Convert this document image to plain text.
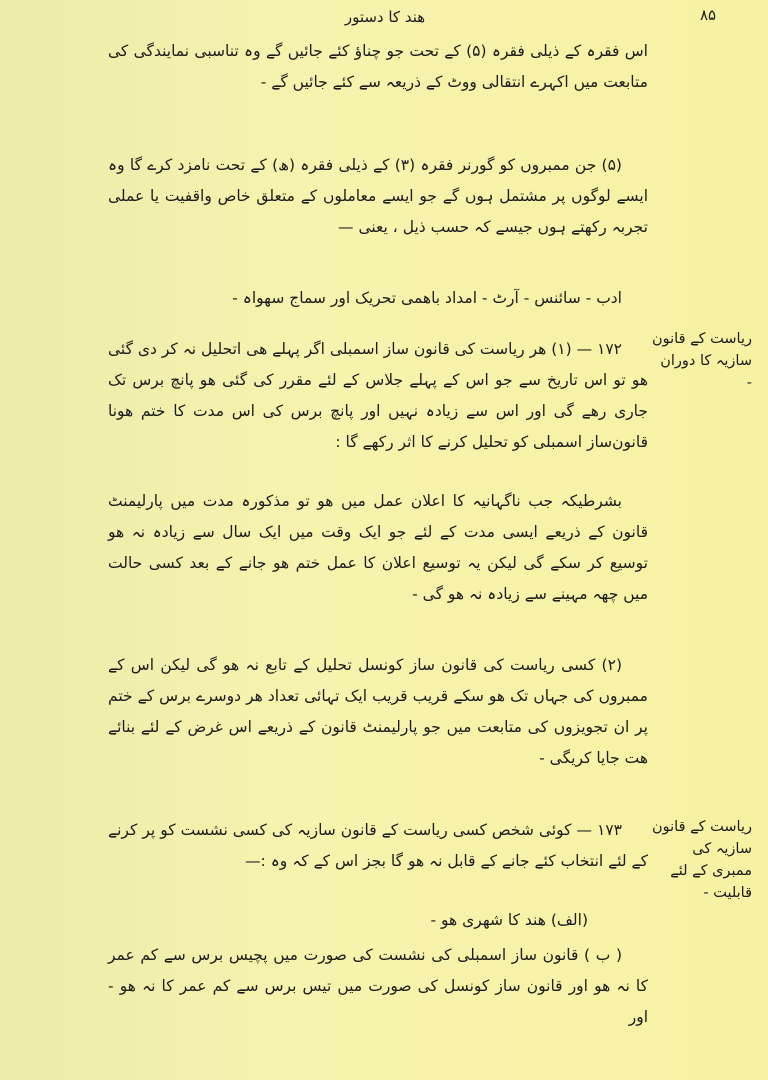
هند کا دستور	۸۵

اس فقرہ کے ذیلی فقرہ (۵) کے تحت جو چناؤ کئے جائیں گے وہ تناسبی نمایندگی کی متابعت میں اکہرے انتقالی ووٹ کے ذریعہ سے کئے جائیں گے -

(۵) جن ممبروں کو گورنر فقرہ (۳) کے ذیلی فقرہ (ھ) کے تحت نامزد کرے گا وہ ایسے لوگوں پر مشتمل ہوں گے جو ایسے معاملوں کے متعلق خاص واقفیت یا عملی تجربہ رکھتے ہوں جیسے کہ حسب ذیل ، یعنی —

ادب - سائنس - آرٹ - امداد باھمی تحریک اور سماج سھواہ -

۱۷۲ — (۱) ھر ریاست کی قانون ساز اسمبلی اگر پہلے ھی اتحلیل نہ کر دی گئی ھو تو اس تاریخ سے جو اس کے پہلے جلاس کے لئے مقرر کی گئی ھو پانچ برس تک جاری رھے گی اور اس سے زیادہ نہیں اور پانچ برس کی اس مدت کا ختم ھونا قانون‌ساز اسمبلی کو تحلیل کرنے کا اثر رکھے گا :

بشرطیکہ جب ناگہانیہ کا اعلان عمل میں ھو تو مذکورہ مدت میں پارلیمنٹ قانون کے ذریعے ایسی مدت کے لئے جو ایک وقت میں ایک سال سے زیادہ نہ ھو توسیع کر سکے گی لیکن یہ توسیع اعلان کا عمل ختم ھو جانے کے بعد کسی حالت میں چھہ مہینے سے زیادہ نہ ھو گی -

(۲) کسی ریاست کی قانون ساز کونسل تحلیل کے تابع نہ ھو گی لیکن اس کے ممبروں کی جہاں تک ھو سکے قریب قریب ایک تہائی تعداد ھر دوسرے برس کے ختم پر ان تجویزوں کی متابعت میں جو پارلیمنٹ قانون کے ذریعے اس غرض کے لئے بنائے ھت جایا کریگی -

۱۷۳ — کوئی شخص کسی ریاست کے قانون سازیہ کی کسی نشست کو پر کرنے کے لئے انتخاب کئے جانے کے قابل نہ ھو گا بجز اس کے کہ وہ :—

(الف) ھند کا شھری ھو -

( ب ) قانون ساز اسمبلی کی نشست کی صورت میں پچیس برس سے کم عمر کا نہ ھو اور قانون ساز کونسل کی صورت میں تیس برس سے کم عمر کا نہ ھو - اور

ریاست کے قانون سازیہ کا دوران -
ریاست کے قانون سازیہ کی ممبری کے لئے قابلیت -
